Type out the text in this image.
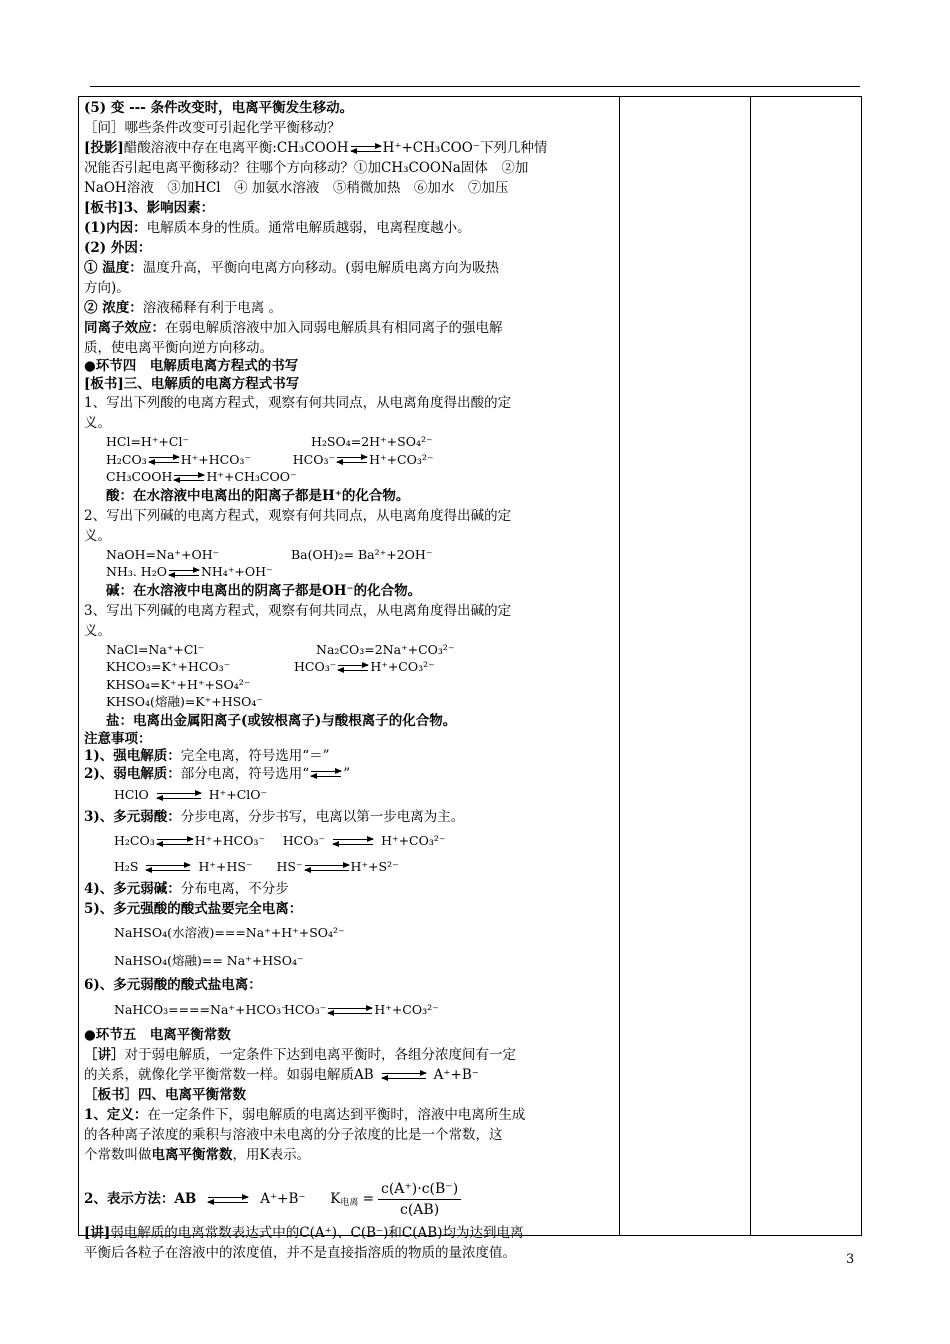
(5) 变 --- 条件改变时，电离平衡发生移动。
［问］哪些条件改变可引起化学平衡移动？
[投影]醋酸溶液中存在电离平衡:CH₃COOH	H⁺+CH₃COO⁻下列几种情
况能否引起电离平衡移动？往哪个方向移动？①加CH₃COONa固体　②加
NaOH溶液　③加HCl　④ 加氨水溶液　⑤稍微加热　⑥加水　⑦加压
[板书]3、影响因素：
(1)内因：电解质本身的性质。通常电解质越弱，电离程度越小。
(2) 外因：
① 温度：温度升高，平衡向电离方向移动。(弱电解质电离方向为吸热
方向)。
② 浓度：溶液稀释有利于电离 。
同离子效应：在弱电解质溶液中加入同弱电解质具有相同离子的强电解
质，使电离平衡向逆方向移动。
●环节四　电解质电离方程式的书写
[板书]三、电解质的电离方程式书写
1、写出下列酸的电离方程式，观察有何共同点，从电离角度得出酸的定
义。
HCl=H⁺+Cl⁻	H₂SO₄=2H⁺+SO₄²⁻
H₂CO₃	H⁺+HCO₃⁻	HCO₃⁻	H⁺+CO₃²⁻
CH₃COOH	H⁺+CH₃COO⁻
酸：在水溶液中电离出的阳离子都是H⁺的化合物。
2、写出下列碱的电离方程式，观察有何共同点，从电离角度得出碱的定
义。
NaOH=Na⁺+OH⁻	Ba(OH)₂= Ba²⁺+2OH⁻
NH₃. H₂O	NH₄⁺+OH⁻
碱：在水溶液中电离出的阴离子都是OH⁻的化合物。
3、写出下列碱的电离方程式，观察有何共同点，从电离角度得出碱的定
义。
NaCl=Na⁺+Cl⁻	Na₂CO₃=2Na⁺+CO₃²⁻
KHCO₃=K⁺+HCO₃⁻	HCO₃⁻	H⁺+CO₃²⁻
KHSO₄=K⁺+H⁺+SO₄²⁻
KHSO₄(熔融)=K⁺+HSO₄⁻
盐：电离出金属阳离子(或铵根离子)与酸根离子的化合物。
注意事项：
1)、强电解质：完全电离，符号选用“＝”
2)、弱电解质：部分电离，符号选用“	”
HClO	H⁺+ClO⁻
3)、多元弱酸：分步电离，分步书写，电离以第一步电离为主。
H₂CO₃	H⁺+HCO₃⁻ HCO₃⁻	H⁺+CO₃²⁻
H₂S	H⁺+HS⁻ HS⁻	H⁺+S²⁻
4)、多元弱碱：分布电离，不分步
5)、多元强酸的酸式盐要完全电离：
NaHSO₄(水溶液)===Na⁺+H⁺+SO₄²⁻
NaHSO₄(熔融)== Na⁺+HSO₄⁻
6)、多元弱酸的酸式盐电离：
NaHCO₃====Na⁺+HCO₃⁻HCO₃⁻	H⁺+CO₃²⁻
●环节五　电离平衡常数
［讲］对于弱电解质，一定条件下达到电离平衡时，各组分浓度间有一定
的关系，就像化学平衡常数一样。如弱电解质AB	A⁺+B⁻
［板书］四、电离平衡常数
1、定义：在一定条件下，弱电解质的电离达到平衡时，溶液中电离所生成
的各种离子浓度的乘积与溶液中未电离的分子浓度的比是一个常数，这
个常数叫做电离平衡常数，用K表示。
2、表示方法：AB	A⁺+B⁻ $K_{电离} = \frac{c(A^+)\cdot c(B^-)}{c(AB)}$
[讲]弱电解质的电离常数表达式中的C(A⁺)、C(B⁻)和C(AB)均为达到电离
平衡后各粒子在溶液中的浓度值，并不是直接指溶质的物质的量浓度值。	3
